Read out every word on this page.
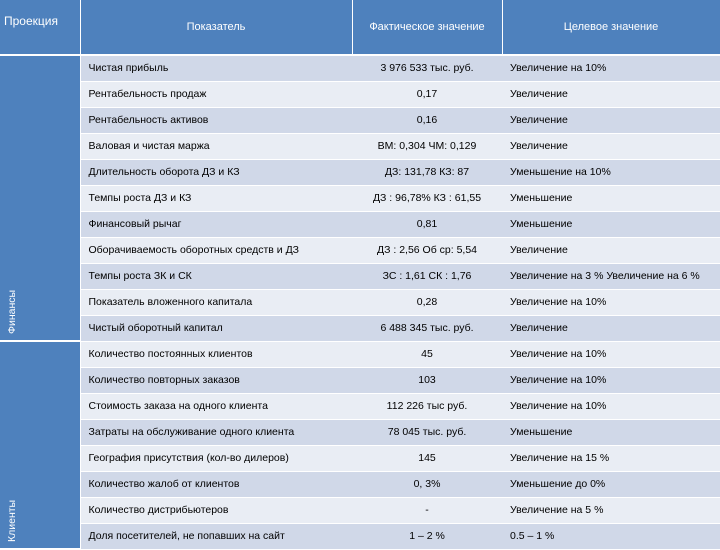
Проекция	Показатель	Фактическое значение	Целевое значение

Финансы	Чистая прибыль	3 976 533 тыс. руб.	Увеличение на 10%
	Рентабельность продаж	0,17	Увеличение
	Рентабельность активов	0,16	Увеличение
	Валовая и чистая маржа	ВМ: 0,304 ЧМ: 0,129	Увеличение
	Длительность оборота ДЗ и КЗ	ДЗ: 131,78 КЗ: 87	Уменьшение на 10%
	Темпы роста ДЗ и КЗ	ДЗ : 96,78% КЗ : 61,55	Уменьшение
	Финансовый рычаг	0,81	Уменьшение
	Оборачиваемость оборотных средств и ДЗ	ДЗ : 2,56 Об ср: 5,54	Увеличение
	Темпы роста ЗК и СК	ЗС : 1,61 СК : 1,76	Увеличение на 3 % Увеличение на 6 %
	Показатель вложенного капитала	0,28	Увеличение на 10%
	Чистый оборотный капитал	6 488 345 тыс. руб.	Увеличение

Клиенты	Количество постоянных клиентов	45	Увеличение на 10%
	Количество повторных заказов	103	Увеличение на 10%
	Стоимость заказа на одного клиента	112 226 тыс руб.	Увеличение на 10%
	Затраты на обслуживание одного клиента	78 045 тыс. руб.	Уменьшение
	География присутствия (кол-во дилеров)	145	Увеличение на 15 %
	Количество жалоб от клиентов	0, 3%	Уменьшение до 0%
	Количество дистрибьютеров	-	Увеличение на 5 %
	Доля посетителей, не попавших на сайт	1 – 2 %	0.5 – 1 %
